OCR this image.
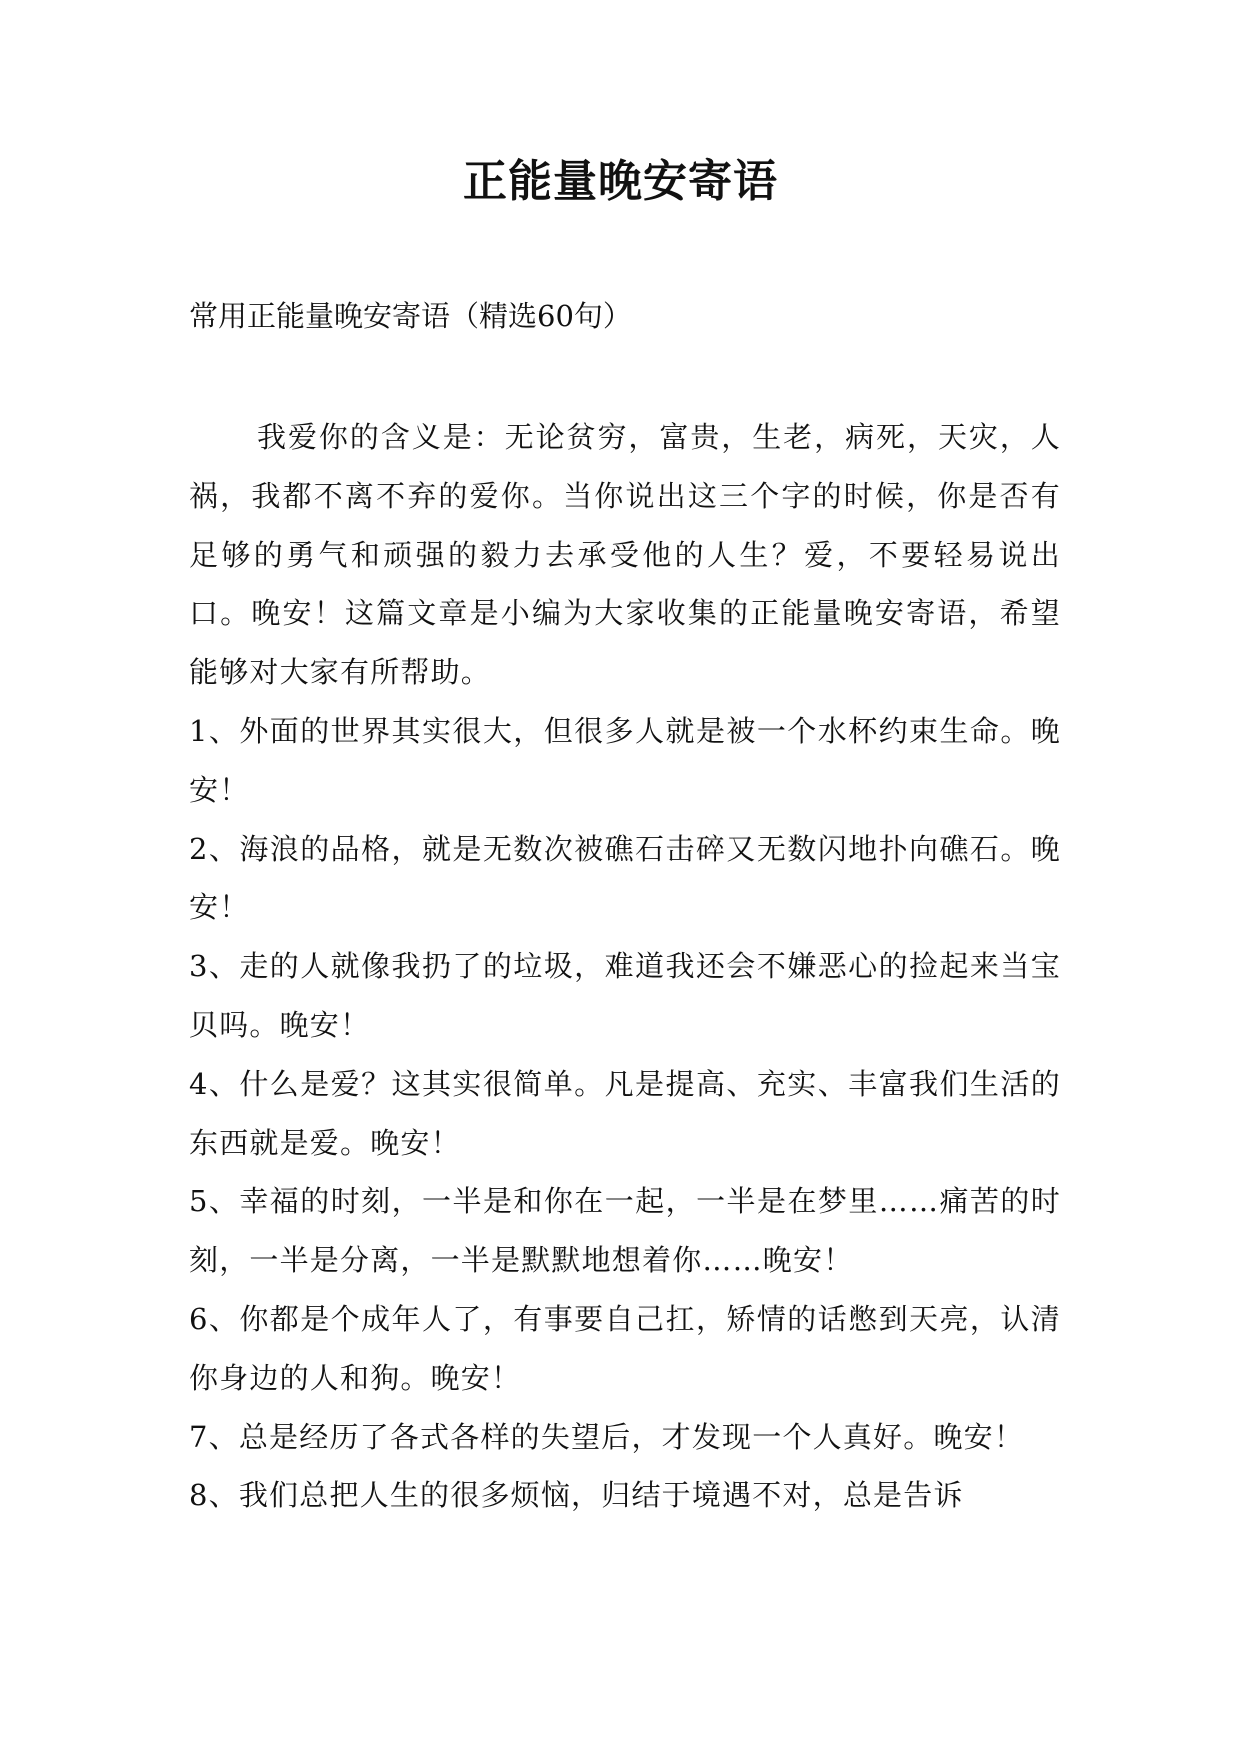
正能量晚安寄语
常用正能量晚安寄语（精选60句）

我爱你的含义是：无论贫穷，富贵，生老，病死，天灾，人祸，我都不离不弃的爱你。当你说出这三个字的时候，你是否有足够的勇气和顽强的毅力去承受他的人生？爱，不要轻易说出口。晚安！这篇文章是小编为大家收集的正能量晚安寄语，希望能够对大家有所帮助。

1、外面的世界其实很大，但很多人就是被一个水杯约束生命。晚安！

2、海浪的品格，就是无数次被礁石击碎又无数闪地扑向礁石。晚安！

3、走的人就像我扔了的垃圾，难道我还会不嫌恶心的捡起来当宝贝吗。晚安！

4、什么是爱？这其实很简单。凡是提高、充实、丰富我们生活的东西就是爱。晚安！

5、幸福的时刻，一半是和你在一起，一半是在梦里……痛苦的时刻，一半是分离，一半是默默地想着你……晚安！

6、你都是个成年人了，有事要自己扛，矫情的话憋到天亮，认清你身边的人和狗。晚安！

7、总是经历了各式各样的失望后，才发现一个人真好。晚安！

8、我们总把人生的很多烦恼，归结于境遇不对，总是告诉
